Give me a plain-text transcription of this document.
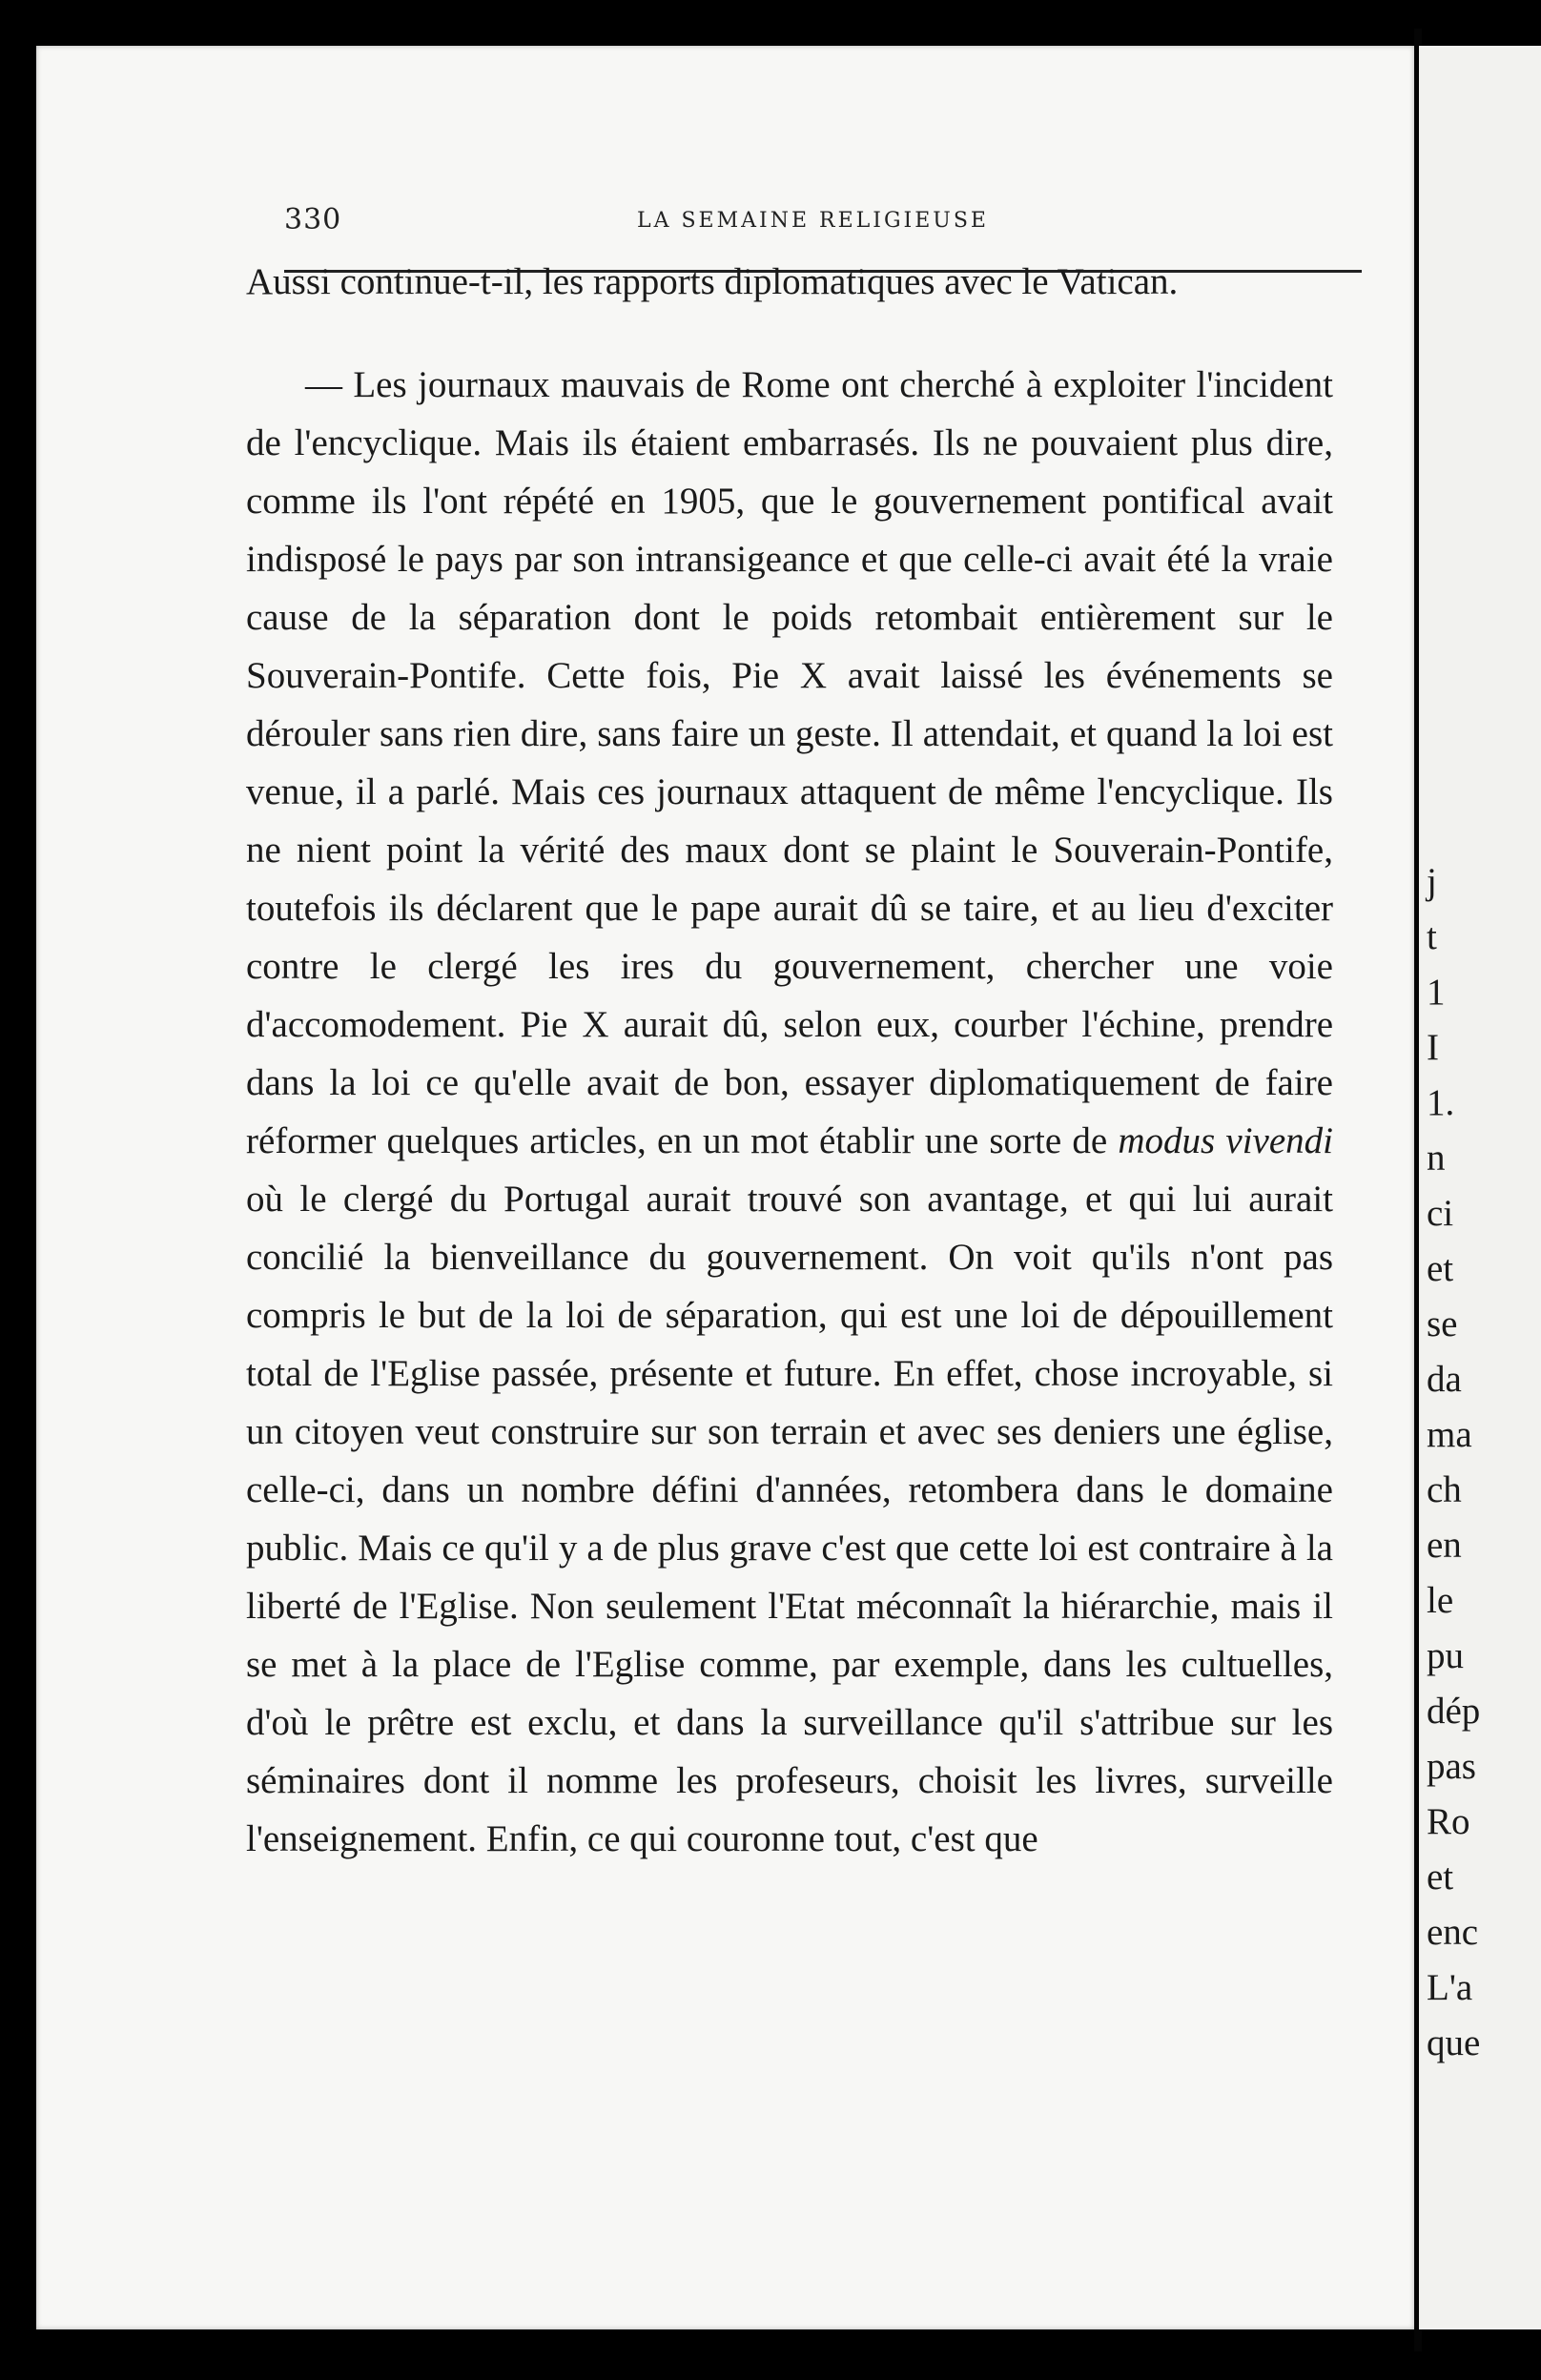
330	LA SEMAINE RELIGIEUSE

Aussi continue-t-il, les rapports diplomatiques avec le Vatican.

— Les journaux mauvais de Rome ont cherché à exploiter l'incident de l'encyclique. Mais ils étaient embarrasés. Ils ne pouvaient plus dire, comme ils l'ont répété en 1905, que le gouvernement pontifical avait indisposé le pays par son intransigeance et que celle-ci avait été la vraie cause de la séparation dont le poids retombait entièrement sur le Souverain-Pontife. Cette fois, Pie X avait laissé les événements se dérouler sans rien dire, sans faire un geste. Il attendait, et quand la loi est venue, il a parlé. Mais ces journaux attaquent de même l'encyclique. Ils ne nient point la vérité des maux dont se plaint le Souverain-Pontife, toutefois ils déclarent que le pape aurait dû se taire, et au lieu d'exciter contre le clergé les ires du gouvernement, chercher une voie d'accomodement. Pie X aurait dû, selon eux, courber l'échine, prendre dans la loi ce qu'elle avait de bon, essayer diplomatiquement de faire réformer quelques articles, en un mot établir une sorte de modus vivendi où le clergé du Portugal aurait trouvé son avantage, et qui lui aurait concilié la bienveillance du gouvernement. On voit qu'ils n'ont pas compris le but de la loi de séparation, qui est une loi de dépouillement total de l'Eglise passée, présente et future. En effet, chose incroyable, si un citoyen veut construire sur son terrain et avec ses deniers une église, celle-ci, dans un nombre défini d'années, retombera dans le domaine public. Mais ce qu'il y a de plus grave c'est que cette loi est contraire à la liberté de l'Eglise. Non seulement l'Etat méconnaît la hiérarchie, mais il se met à la place de l'Eglise comme, par exemple, dans les cultuelles, d'où le prêtre est exclu, et dans la surveillance qu'il s'attribue sur les séminaires dont il nomme les profeseurs, choisit les livres, surveille l'enseignement. Enfin, ce qui couronne tout, c'est que

j
t
1
I
1.
n
ci
et
se
da
ma
ch
en
le
pu
dép
pas
Ro
et
enc
L'a
que
